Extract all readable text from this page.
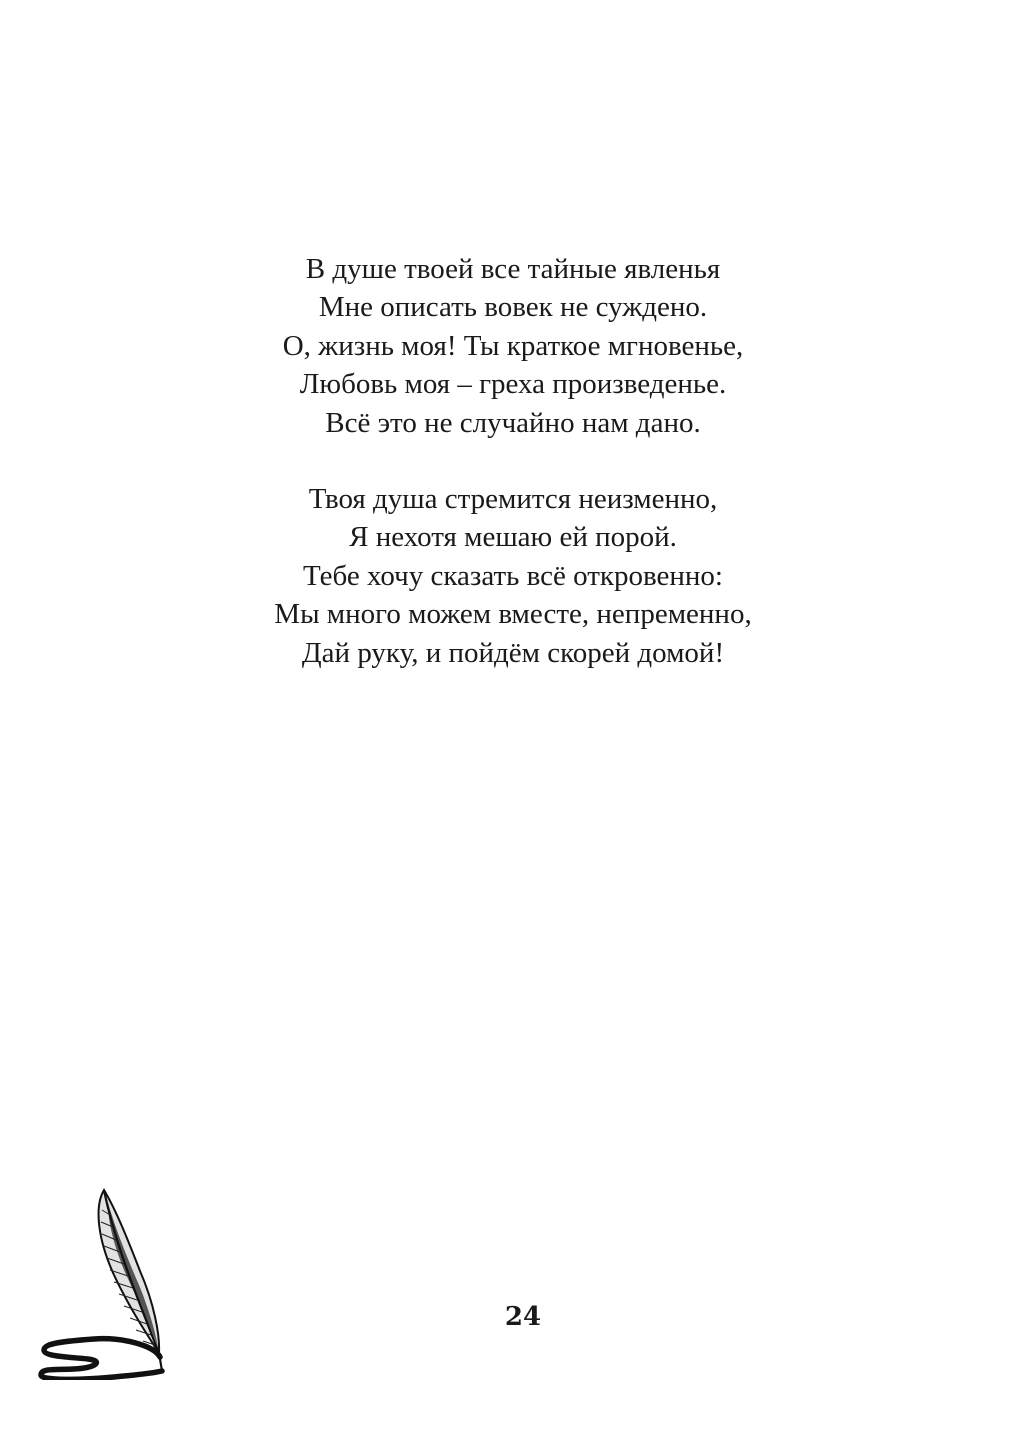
В душе твоей все тайные явленья
Мне описать вовек не суждено.
О, жизнь моя! Ты краткое мгновенье,
Любовь моя – греха произведенье.
Всё это не случайно нам дано.
Твоя душа стремится неизменно,
Я нехотя мешаю ей порой.
Тебе хочу сказать всё откровенно:
Мы много можем вместе, непременно,
Дай руку, и пойдём скорей домой!
24
